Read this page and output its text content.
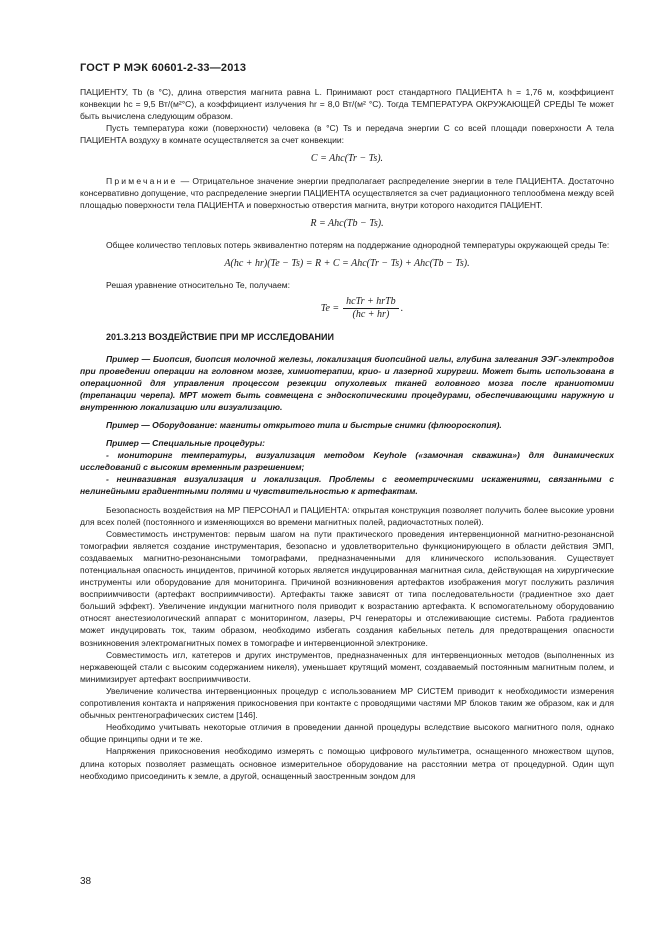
ГОСТ Р МЭК 60601-2-33—2013

ПАЦИЕНТУ, Tb (в °С), длина отверстия магнита равна L. Принимают рост стандартного ПАЦИЕНТА h = 1,76 м, коэффициент конвекции hc = 9,5 Вт/(м²°С), а коэффициент излучения hr = 8,0 Вт/(м² °С). Тогда ТЕМПЕРАТУРА ОКРУЖАЮЩЕЙ СРЕДЫ Te может быть вычислена следующим образом.

Пусть температура кожи (поверхности) человека (в °С) Ts и передача энергии C со всей площади поверхности A тела ПАЦИЕНТА воздуху в комнате осуществляется за счет конвекции:

C = Ahc(Tr − Ts).

Примечание — Отрицательное значение энергии предполагает распределение энергии в теле ПАЦИЕНТА. Достаточно консервативно допущение, что распределение энергии ПАЦИЕНТА осуществляется за счет радиационного теплообмена между всей площадью поверхности тела ПАЦИЕНТА и поверхностью отверстия магнита, внутри которого находится ПАЦИЕНТ.

R = Ahc(Tb − Ts).

Общее количество тепловых потерь эквивалентно потерям на поддержание однородной температуры окружающей среды Te:

A(hc + hr)(Te − Ts) = R + C = Ahc(Tr − Ts) + Ahc(Tb − Ts).

Решая уравнение относительно Te, получаем:

$Te = \frac{\text{hcTr + hrTb}}{(hc + hr)}$ .
201.3.213 ВОЗДЕЙСТВИЕ ПРИ МР ИССЛЕДОВАНИИ

Пример — Биопсия, биопсия молочной железы, локализация биопсийной иглы, глубина залегания ЭЭГ-электродов при проведении операции на головном мозге, химиотерапии, крио- и лазерной хирургии. Может быть использована в операционной для управления процессом резекции опухолевых тканей головного мозга после краниотомии (трепанации черепа). МРТ может быть совмещена с эндоскопическими процедурами, обеспечивающими наружную и внутреннюю локализацию или визуализацию.

Пример — Оборудование: магниты открытого типа и быстрые снимки (флюороскопия).

Пример — Специальные процедуры:

- мониторинг температуры, визуализация методом Keyhole («замочная скважина») для динамических исследований с высоким временным разрешением;

- неинвазивная визуализация и локализация. Проблемы с геометрическими искажениями, связанными с нелинейными градиентными полями и чувствительностью к артефактам.

Безопасность воздействия на МР ПЕРСОНАЛ и ПАЦИЕНТА: открытая конструкция позволяет получить более высокие уровни для всех полей (постоянного и изменяющихся во времени магнитных полей, радиочастотных полей).

Совместимость инструментов: первым шагом на пути практического проведения интервенционной магнитно-резонансной томографии является создание инструментария, безопасно и удовлетворительно функционирующего в области действия ЭМП, создаваемых магнитно-резонансными томографами, предназначенными для клинического использования. Существует потенциальная опасность инцидентов, причиной которых является индуцированная магнитная сила, действующая на хирургические инструменты или оборудование для мониторинга. Причиной возникновения артефактов изображения могут послужить различия восприимчивости (артефакт восприимчивости). Артефакты также зависят от типа последовательности (градиентное эхо дает больший эффект). Увеличение индукции магнитного поля приводит к возрастанию артефакта. К вспомогательному оборудованию относят анестезиологический аппарат с мониторингом, лазеры, РЧ генераторы и отслеживающие системы. Работа градиентов может индуцировать ток, таким образом, необходимо избегать создания кабельных петель для предотвращения опасности возникновения электромагнитных помех в томографе и интервенционной электронике.

Совместимость игл, катетеров и других инструментов, предназначенных для интервенционных методов (выполненных из нержавеющей стали с высоким содержанием никеля), уменьшает крутящий момент, создаваемый постоянным магнитным полем, и минимизирует артефакт восприимчивости.

Увеличение количества интервенционных процедур с использованием МР СИСТЕМ приводит к необходимости измерения сопротивления контакта и напряжения прикосновения при контакте с проводящими частями МР блоков таким же образом, как и для обычных рентгенографических систем [146].

Необходимо учитывать некоторые отличия в проведении данной процедуры вследствие высокого магнитного поля, однако общие принципы одни и те же.

Напряжения прикосновения необходимо измерять с помощью цифрового мультиметра, оснащенного множеством щупов, длина которых позволяет размещать основное измерительное оборудование на расстоянии метра от процедурной. Один щуп необходимо присоединить к земле, а другой, оснащенный заостренным зондом для

38
